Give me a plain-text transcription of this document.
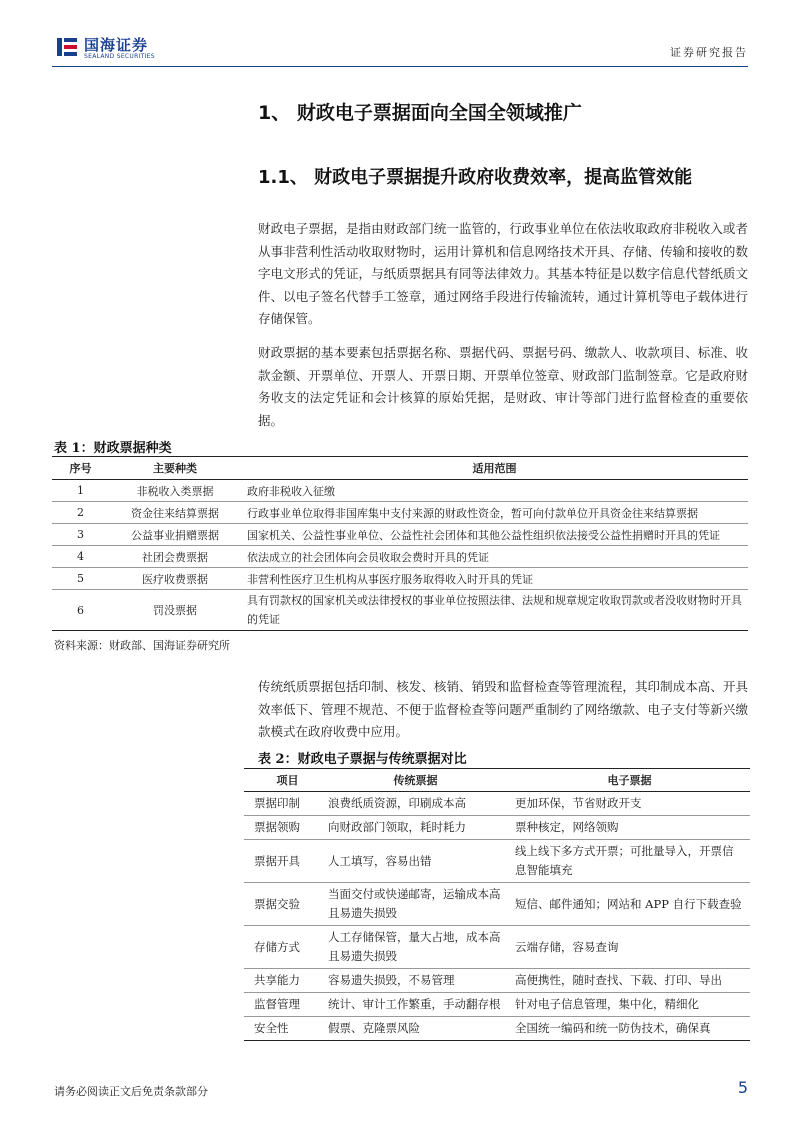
国海证券
SEALAND SECURITIES	证券研究报告
1、 财政电子票据面向全国全领域推广
1.1、 财政电子票据提升政府收费效率，提高监管效能
财政电子票据，是指由财政部门统一监管的，行政事业单位在依法收取政府非税收入或者从事非营利性活动收取财物时，运用计算机和信息网络技术开具、存储、传输和接收的数字电文形式的凭证，与纸质票据具有同等法律效力。其基本特征是以数字信息代替纸质文件、以电子签名代替手工签章，通过网络手段进行传输流转，通过计算机等电子载体进行存储保管。
财政票据的基本要素包括票据名称、票据代码、票据号码、缴款人、收款项目、标准、收款金额、开票单位、开票人、开票日期、开票单位签章、财政部门监制签章。它是政府财务收支的法定凭证和会计核算的原始凭据，是财政、审计等部门进行监督检查的重要依据。
表 1：财政票据种类
序号	主要种类	适用范围
1	非税收入类票据	政府非税收入征缴
2	资金往来结算票据	行政事业单位取得非国库集中支付来源的财政性资金，暂可向付款单位开具资金往来结算票据
3	公益事业捐赠票据	国家机关、公益性事业单位、公益性社会团体和其他公益性组织依法接受公益性捐赠时开具的凭证
4	社团会费票据	依法成立的社会团体向会员收取会费时开具的凭证
5	医疗收费票据	非营利性医疗卫生机构从事医疗服务取得收入时开具的凭证
6	罚没票据	具有罚款权的国家机关或法律授权的事业单位按照法律、法规和规章规定收取罚款或者没收财物时开具的凭证
资料来源：财政部、国海证券研究所
传统纸质票据包括印制、核发、核销、销毁和监督检查等管理流程，其印制成本高、开具效率低下、管理不规范、不便于监督检查等问题严重制约了网络缴款、电子支付等新兴缴款模式在政府收费中应用。
表 2：财政电子票据与传统票据对比
项目	传统票据	电子票据
票据印制	浪费纸质资源，印刷成本高	更加环保，节省财政开支
票据领购	向财政部门领取，耗时耗力	票种核定，网络领购
票据开具	人工填写，容易出错	线上线下多方式开票；可批量导入，开票信息智能填充
票据交验	当面交付或快递邮寄，运输成本高且易遗失损毁	短信、邮件通知；网站和 APP 自行下载查验
存储方式	人工存储保管，量大占地，成本高且易遗失损毁	云端存储，容易查询
共享能力	容易遗失损毁，不易管理	高便携性，随时查找、下载、打印、导出
监督管理	统计、审计工作繁重，手动翻存根	针对电子信息管理，集中化，精细化
安全性	假票、克隆票风险	全国统一编码和统一防伪技术，确保真
请务必阅读正文后免责条款部分	5
